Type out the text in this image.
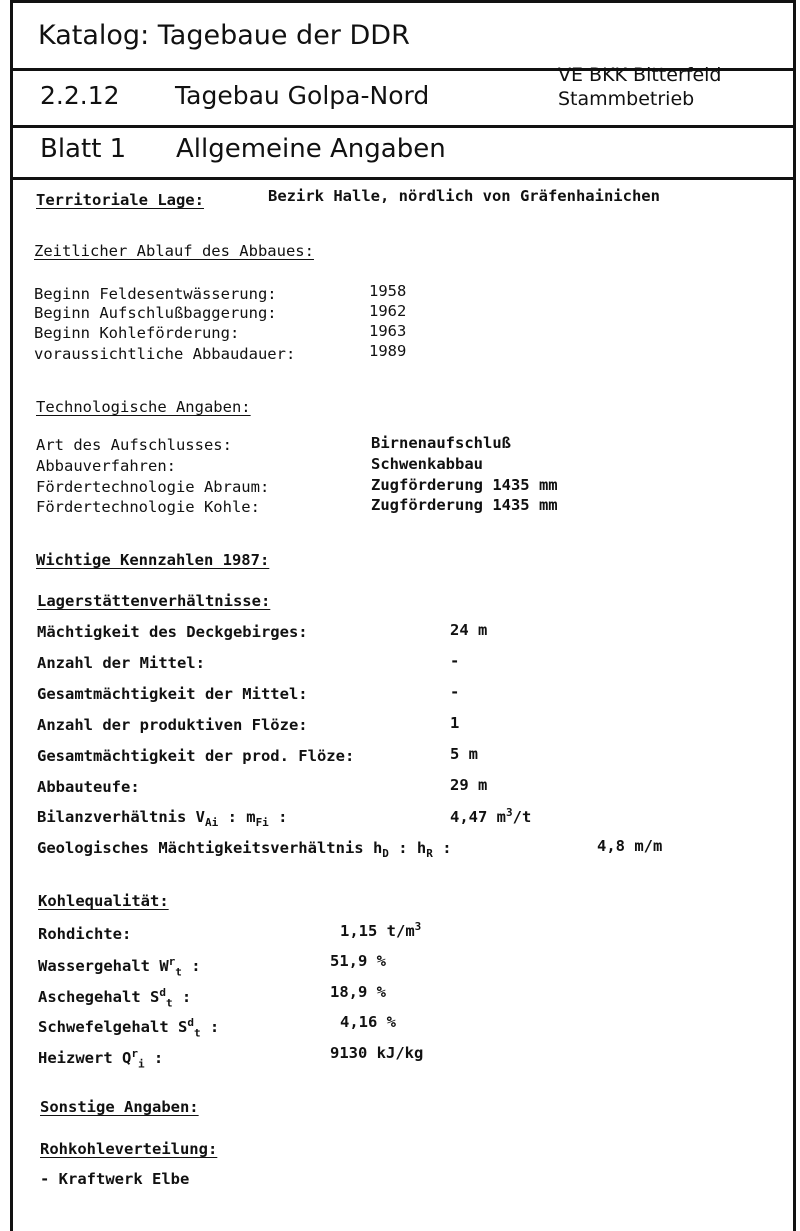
Katalog: Tagebaue der DDR
2.2.12 Tagebau Golpa-Nord
VE BKK Bitterfeld
Stammbetrieb
Blatt 1 Allgemeine Angaben
Territoriale Lage:	Bezirk Halle, nördlich von Gräfenhainichen
Zeitlicher Ablauf des Abbaues:
Beginn Feldesentwässerung:	1958
Beginn Aufschlußbaggerung:	1962
Beginn Kohleförderung:	1963
voraussichtliche Abbaudauer:	1989
Technologische Angaben:
Art des Aufschlusses:	Birnenaufschluß
Abbauverfahren:	Schwenkabbau
Fördertechnologie Abraum:	Zugförderung 1435 mm
Fördertechnologie Kohle:	Zugförderung 1435 mm
Wichtige Kennzahlen 1987:
Lagerstättenverhältnisse:
Mächtigkeit des Deckgebirges:	24 m
Anzahl der Mittel:	-
Gesamtmächtigkeit der Mittel:	-
Anzahl der produktiven Flöze:	1
Gesamtmächtigkeit der prod. Flöze:	5 m
Abbauteufe:	29 m
Bilanzverhältnis $V_{Ai}$ : $m_{Fi}$ :	4,47 $m^3/t$
Geologisches Mächtigkeitsverhältnis $h_D$ : $h_R$ :	4,8 m/m
Kohlequalität:
Rohdichte:	1,15 $t/m^3$
Wassergehalt $W^r_t$ :	51,9 %
Aschegehalt $S^d_t$ :	18,9 %
Schwefelgehalt $S^d_t$ :	4,16 %
Heizwert $Q^r_i$ :	9130 kJ/kg
Sonstige Angaben:
Rohkohleverteilung:
- Kraftwerk Elbe
